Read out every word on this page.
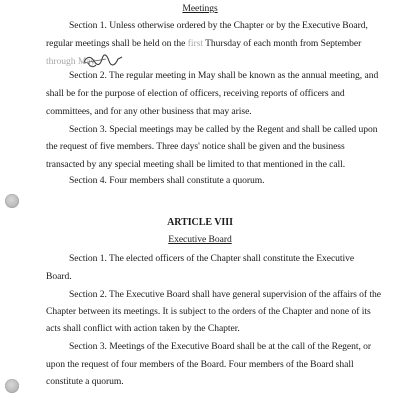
Meetings
Section 1. Unless otherwise ordered by the Chapter or by the Executive Board,
regular meetings shall be held on the first Thursday of each month from September
through May.
Section 2. The regular meeting in May shall be known as the annual meeting, and
shall be for the purpose of election of officers, receiving reports of officers and
committees, and for any other business that may arise.
Section 3. Special meetings may be called by the Regent and shall be called upon
the request of five members. Three days' notice shall be given and the business
transacted by any special meeting shall be limited to that mentioned in the call.
Section 4. Four members shall constitute a quorum.
ARTICLE VIII
Executive Board
Section 1. The elected officers of the Chapter shall constitute the Executive
Board.
Section 2. The Executive Board shall have general supervision of the affairs of the
Chapter between its meetings. It is subject to the orders of the Chapter and none of its
acts shall conflict with action taken by the Chapter.
Section 3. Meetings of the Executive Board shall be at the call of the Regent, or
upon the request of four members of the Board. Four members of the Board shall
constitute a quorum.
